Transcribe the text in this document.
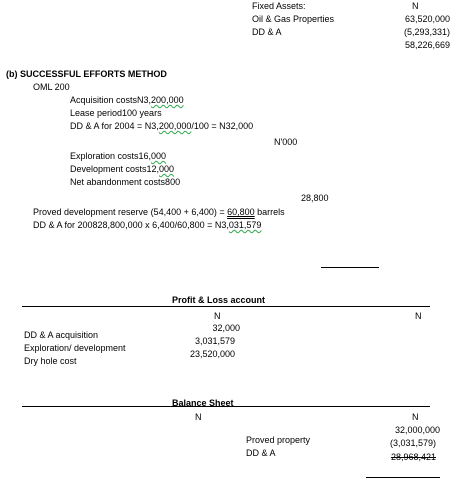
Fixed Assets:	N
Oil & Gas Properties	63,520,000
DD & A	(5,293,331)
58,226,669
(b) SUCCESSFUL EFFORTS METHOD
OML 200
Acquisition costsN3,200,000
Lease period100 years
DD & A for 2004 = N3,200,000/100 = N32,000
N'000
Exploration costs16,000
Development costs12,000
Net abandonment costs800
28,800
Proved development reserve (54,400 + 6,400) = 60,800 barrels
DD & A for 200828,800,000 x 6,400/60,800 = N3,031,579
Profit & Loss account
N	N
DD & A acquisition
32,000
Exploration/ development
3,031,579
Dry hole cost
23,520,000
Balance Sheet
N	N
32,000,000
Proved property	(3,031,579)
DD & A	28,968,421
